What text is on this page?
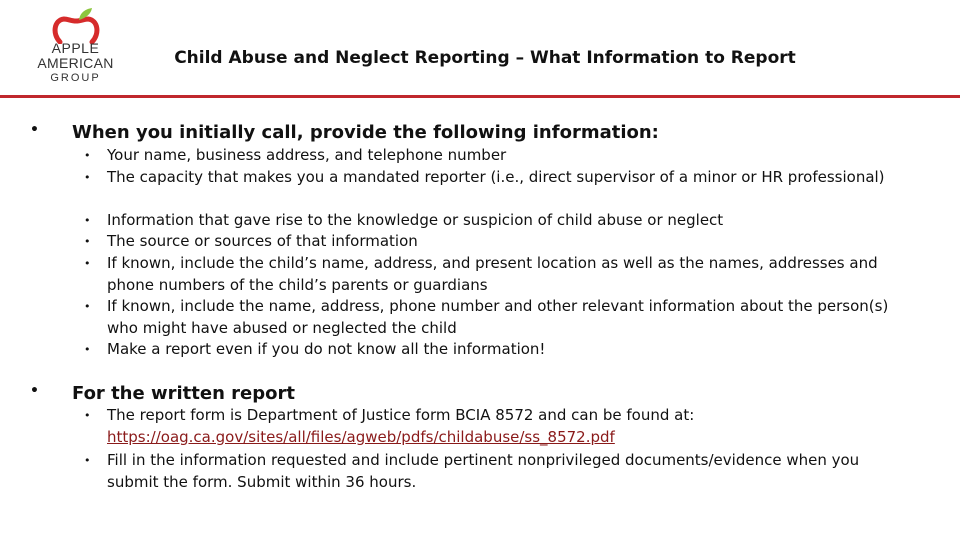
APPLE
AMERICAN
GROUP
Child Abuse and Neglect Reporting – What Information to Report
• When you initially call, provide the following information:
• Your name, business address, and telephone number
• The capacity that makes you a mandated reporter (i.e., direct supervisor of a minor or HR professional)
• Information that gave rise to the knowledge or suspicion of child abuse or neglect
• The source or sources of that information
• If known, include the child’s name, address, and present location as well as the names, addresses and phone numbers of the child’s parents or guardians
• If known, include the name, address, phone number and other relevant information about the person(s) who might have abused or neglected the child
• Make a report even if you do not know all the information!
• For the written report
• The report form is Department of Justice form BCIA 8572 and can be found at:
https://oag.ca.gov/sites/all/files/agweb/pdfs/childabuse/ss_8572.pdf
• Fill in the information requested and include pertinent nonprivileged documents/evidence when you submit the form. Submit within 36 hours.
